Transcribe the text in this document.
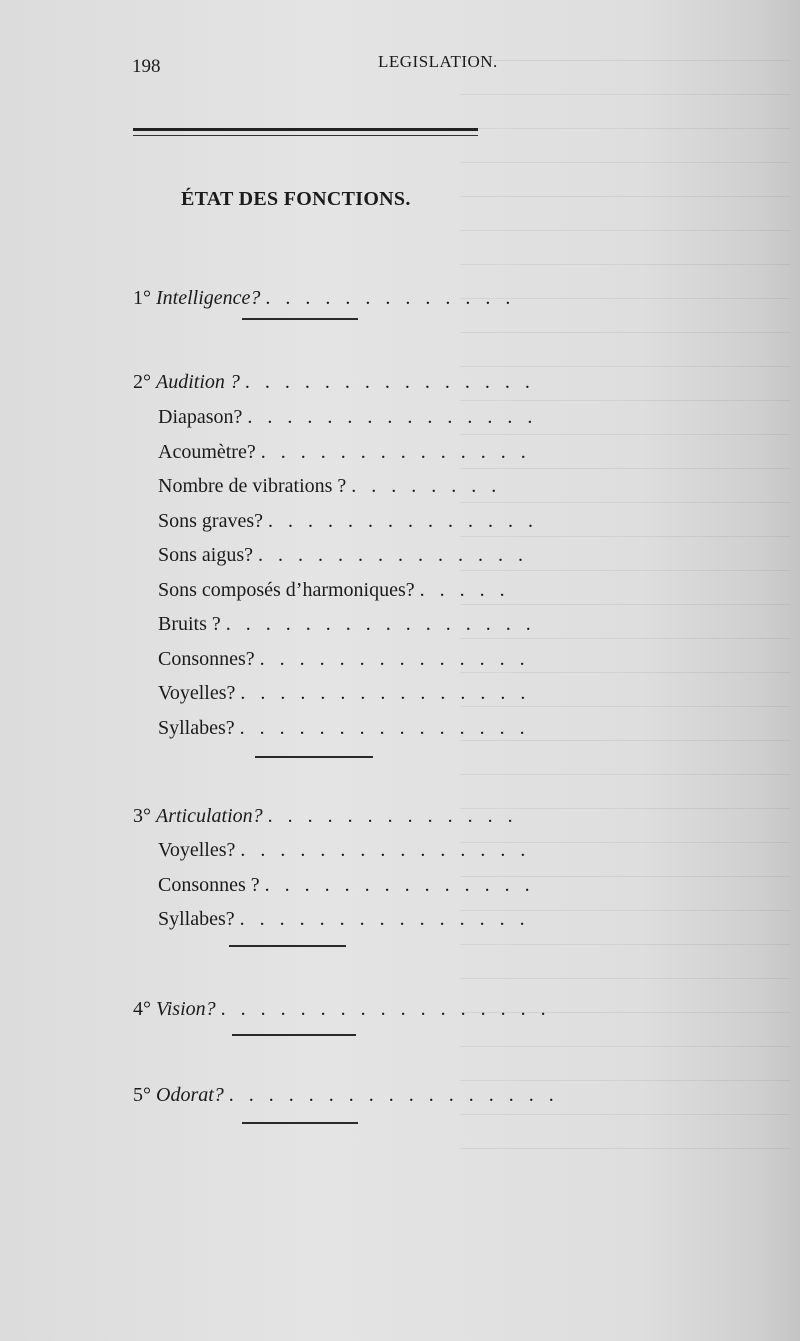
198	LEGISLATION.
ÉTAT DES FONCTIONS.
1° Intelligence? . . . . . . . . . . . . .
2° Audition ? . . . . . . . . . . . . . . .
Diapason? . . . . . . . . . . . . . . .
Acoumètre? . . . . . . . . . . . . . .
Nombre de vibrations ? . . . . . . . .
Sons graves? . . . . . . . . . . . . . .
Sons aigus? . . . . . . . . . . . . . .
Sons composés d’harmoniques? . . . . .
Bruits ? . . . . . . . . . . . . . . . .
Consonnes? . . . . . . . . . . . . . .
Voyelles? . . . . . . . . . . . . . . .
Syllabes? . . . . . . . . . . . . . . .
3° Articulation? . . . . . . . . . . . . .
Voyelles? . . . . . . . . . . . . . . .
Consonnes ? . . . . . . . . . . . . . .
Syllabes? . . . . . . . . . . . . . . .
4° Vision? . . . . . . . . . . . . . . . . .
5° Odorat? . . . . . . . . . . . . . . . . .
